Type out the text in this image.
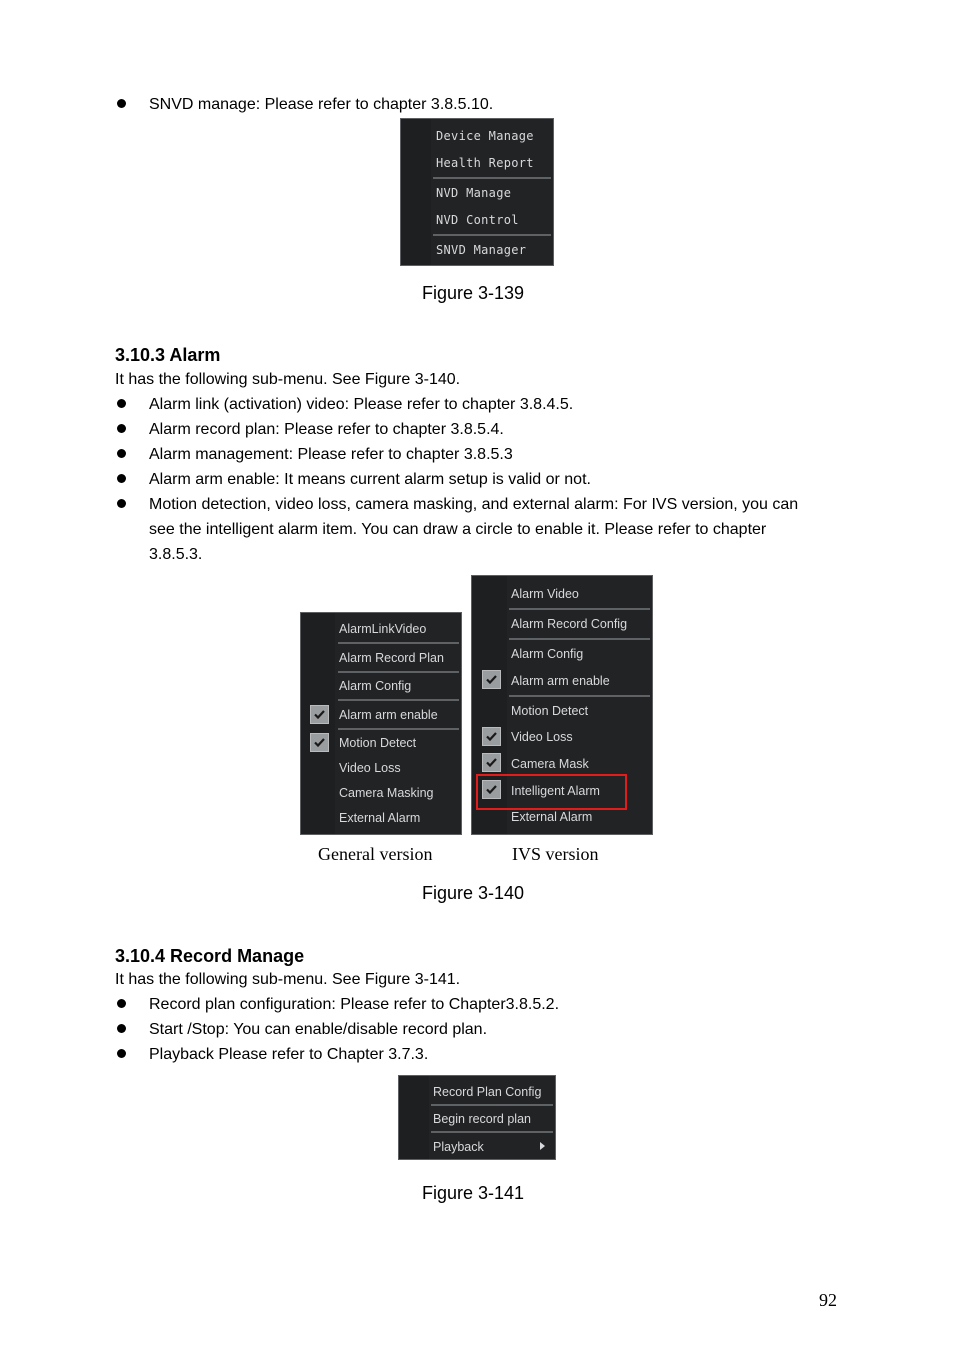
SNVD manage: Please refer to chapter 3.8.5.10.
Device Manage
Health Report
NVD Manage
NVD Control
SNVD Manager
Figure 3-139
3.10.3 Alarm
It has the following sub-menu. See Figure 3-140.
Alarm link (activation) video: Please refer to chapter 3.8.4.5.
Alarm record plan: Please refer to chapter 3.8.5.4.
Alarm management: Please refer to chapter 3.8.5.3
Alarm arm enable: It means current alarm setup is valid or not.
Motion detection, video loss, camera masking, and external alarm: For IVS version, you can
see the intelligent alarm item. You can draw a circle to enable it. Please refer to chapter
3.8.5.3.
AlarmLinkVideo
Alarm Record Plan
Alarm Config
Alarm arm enable
Motion Detect
Video Loss
Camera Masking
External Alarm
Alarm Video
Alarm Record Config
Alarm Config
Alarm arm enable
Motion Detect
Video Loss
Camera Mask
Intelligent Alarm
External Alarm
General version	IVS version
Figure 3-140
3.10.4 Record Manage
It has the following sub-menu. See Figure 3-141.
Record plan configuration: Please refer to Chapter3.8.5.2.
Start /Stop: You can enable/disable record plan.
Playback Please refer to Chapter 3.7.3.
Record Plan Config
Begin record plan
Playback
Figure 3-141
92
